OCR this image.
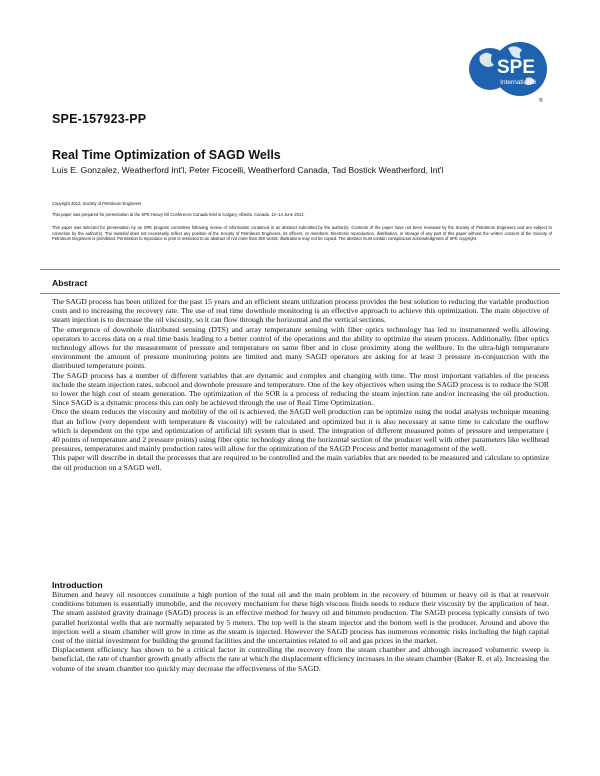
SPE
International
®
SPE-157923-PP
Real Time Optimization of SAGD Wells
Luis E. Gonzalez, Weatherford Int'l, Peter Ficocelli, Weatherford Canada, Tad Bostick Weatherford, Int'l
Copyright 2012, Society of Petroleum Engineers
This paper was prepared for presentation at the SPE Heavy Oil Conference Canada held in Calgary, Alberta, Canada, 12–14 June 2012.
This paper was selected for presentation by an SPE program committee following review of information contained in an abstract submitted by the author(s). Contents of the paper have not been reviewed by the Society of Petroleum Engineers and are subject to correction by the author(s). The material does not necessarily reflect any position of the Society of Petroleum Engineers, its officers, or members. Electronic reproduction, distribution, or storage of any part of this paper without the written consent of the Society of Petroleum Engineers is prohibited. Permission to reproduce in print is restricted to an abstract of not more than 300 words; illustrations may not be copied. The abstract must contain conspicuous acknowledgment of SPE copyright.
Abstract

The SAGD process has been utilized for the past 15 years and an efficient steam utilization process provides the best solution to reducing the variable production costs and to increasing the recovery rate. The use of real time downhole monitoring is an effective approach to achieve this optimization. The main objective of steam injection is to decrease the oil viscosity, so it can flow through the horizontal and the vertical sections.

The emergence of downhole distributed sensing (DTS) and array temperature sensing with fiber optics technology has led to instrumented wells allowing operators to access data on a real time basis leading to a better control of the operations and the ability to optimize the steam process. Additionally, fiber optics technology allows for the measurement of pressure and temperature on same fiber and in close proximity along the wellbore. In the ultra-high temperature environment the amount of pressure monitoring points are limited and many SAGD operators are asking for at least 3 pressure in-conjunction with the distributed temperature points.

The SAGD process has a number of different variables that are dynamic and complex and changing with time. The most important variables of the process include the steam injection rates, subcool and downhole pressure and temperature. One of the key objectives when using the SAGD process is to reduce the SOR to lower the high cost of steam generation. The optimization of the SOR is a process of reducing the steam injection rate and/or increasing the oil production. Since SAGD is a dynamic process this can only be achieved through the use of Real Time Optimization.

Once the steam reduces the viscosity and mobility of the oil is achieved, the SAGD well production can be optimize using the nodal analysis technique meaning that an Inflow (very dependent with temperature & viscosity) will be calculated and optimized but it is also necessary at same time to calculate the outflow which is dependent on the type and optimization of artificial lift system that is used. The integration of different measured points of pressure and temperature ( 40 points of temperature and 2 pressure points) using fiber optic technology along the horizontal section of the producer well with other parameters like wellhead pressures, temperatures and mainly production rates will allow for the optimization of the SAGD Process and better management of the well.

This paper will describe in detail the processes that are required to be controlled and the main variables that are needed to be measured and calculate to optimize the oil production on a SAGD well.

Introduction

Bitumen and heavy oil resources constitute a high portion of the total oil and the main problem in the recovery of bitumen or heavy oil is that at reservoir conditions bitumen is essentially immobile, and the recovery mechanism for these high viscous fluids needs to reduce their viscosity by the application of heat. The steam assisted gravity drainage (SAGD) process is an effective method for heavy oil and bitumen production. The SAGD process typically consists of two parallel horizontal wells that are normally separated by 5 meters. The top well is the steam injector and the bottom well is the producer. Around and above the injection well a steam chamber will grow in time as the steam is injected. However the SAGD process has numerous economic risks including the high capital cost of the initial investment for building the ground facilities and the uncertainties related to oil and gas prices in the market.

Displacement efficiency has shown to be a critical factor in controlling the recovery from the steam chamber and although increased volumetric sweep is beneficial, the rate of chamber growth greatly affects the rate at which the displacement efficiency increases in the steam chamber (Baker R. et al). Increasing the volume of the steam chamber too quickly may decrease the effectiveness of the SAGD.
